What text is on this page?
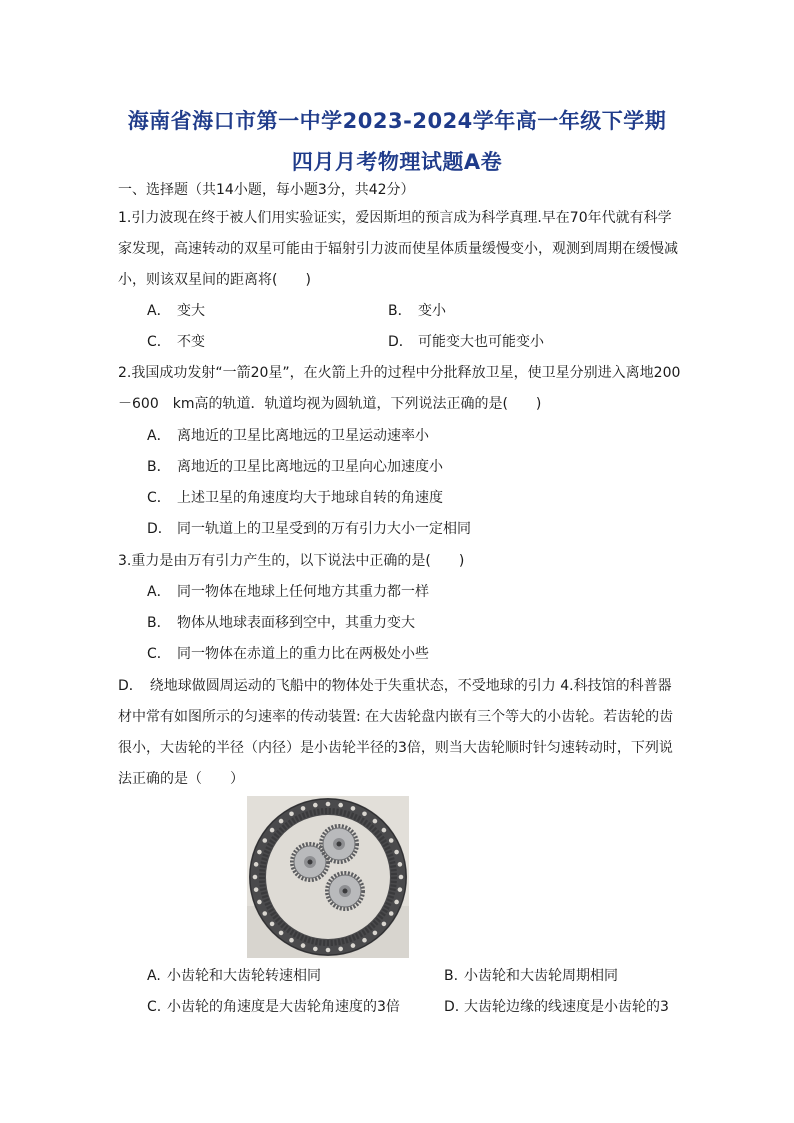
海南省海口市第一中学2023-2024学年高一年级下学期
四月月考物理试题A卷
一、选择题（共14小题，每小题3分，共42分）
1.引力波现在终于被人们用实验证实，爱因斯坦的预言成为科学真理.早在70年代就有科学
家发现，高速转动的双星可能由于辐射引力波而使星体质量缓慢变小，观测到周期在缓慢减
小，则该双星间的距离将(　　)
A． 变大	B． 变小
C． 不变	D． 可能变大也可能变小
2.我国成功发射“一箭20星”，在火箭上升的过程中分批释放卫星，使卫星分别进入离地200
－600　km高的轨道．轨道均视为圆轨道，下列说法正确的是(　　)
A． 离地近的卫星比离地远的卫星运动速率小
B． 离地近的卫星比离地远的卫星向心加速度小
C． 上述卫星的角速度均大于地球自转的角速度
D． 同一轨道上的卫星受到的万有引力大小一定相同
3.重力是由万有引力产生的，以下说法中正确的是(　　)
A． 同一物体在地球上任何地方其重力都一样
B． 物体从地球表面移到空中，其重力变大
C． 同一物体在赤道上的重力比在两极处小些
D．　绕地球做圆周运动的飞船中的物体处于失重状态，不受地球的引力 4.科技馆的科普器
材中常有如图所示的匀速率的传动装置: 在大齿轮盘内嵌有三个等大的小齿轮。若齿轮的齿
很小，大齿轮的半径（内径）是小齿轮半径的3倍，则当大齿轮顺时针匀速转动时，下列说
法正确的是（　　）
A. 小齿轮和大齿轮转速相同	B. 小齿轮和大齿轮周期相同
C. 小齿轮的角速度是大齿轮角速度的3倍	D. 大齿轮边缘的线速度是小齿轮的3
